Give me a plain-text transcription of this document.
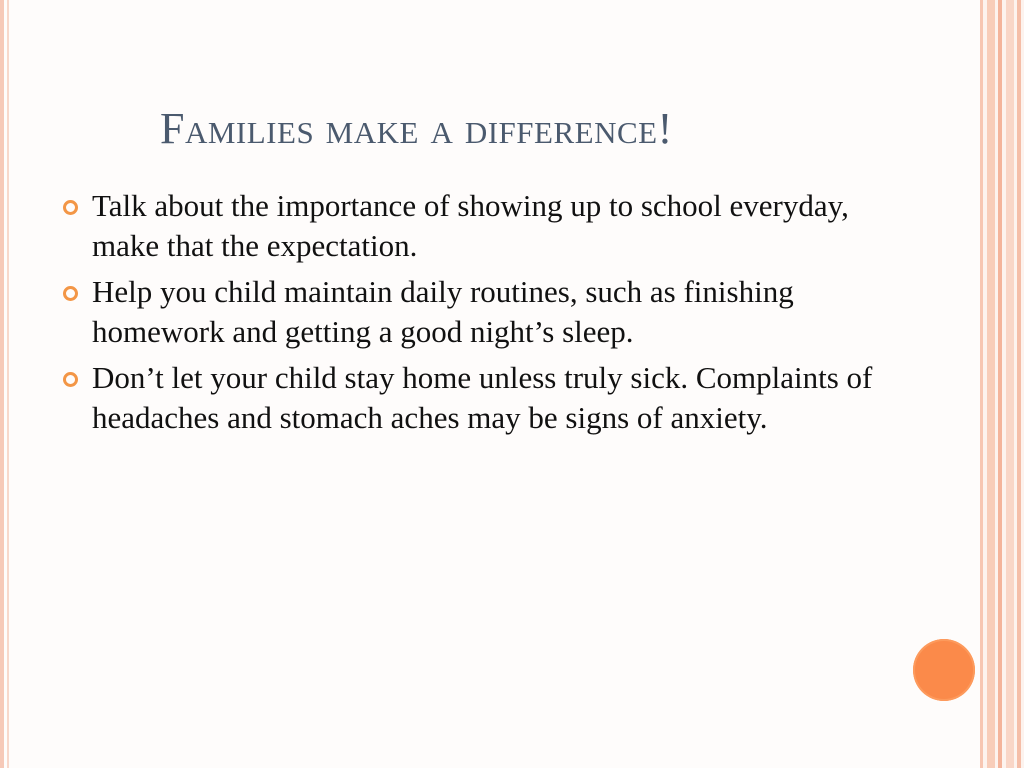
Families make a difference!
Talk about the importance of showing up to school everyday, make that the expectation.
Help you child maintain daily routines, such as finishing homework and getting a good night’s sleep.
Don’t let your child stay home unless truly sick. Complaints of headaches and stomach aches may be signs of anxiety.
